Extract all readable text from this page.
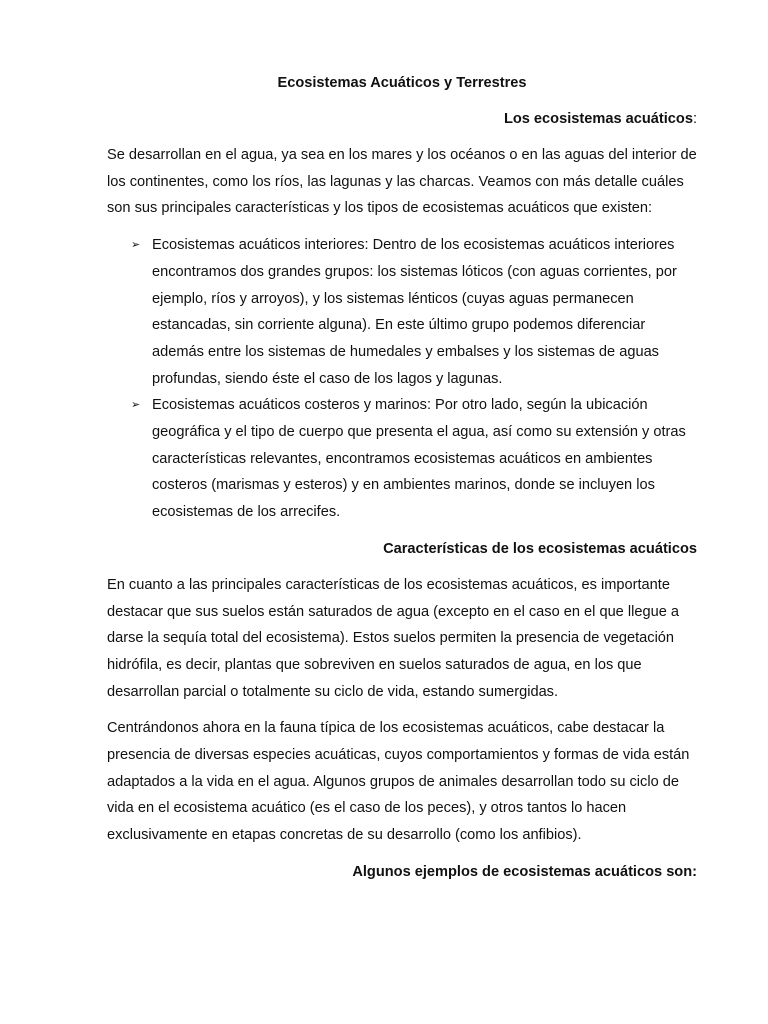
Ecosistemas Acuáticos y Terrestres
Los ecosistemas acuáticos:

Se desarrollan en el agua, ya sea en los mares y los océanos o en las aguas del interior de los continentes, como los ríos, las lagunas y las charcas. Veamos con más detalle cuáles son sus principales características y los tipos de ecosistemas acuáticos que existen:

➢ Ecosistemas acuáticos interiores: Dentro de los ecosistemas acuáticos interiores encontramos dos grandes grupos: los sistemas lóticos (con aguas corrientes, por ejemplo, ríos y arroyos), y los sistemas lénticos (cuyas aguas permanecen estancadas, sin corriente alguna). En este último grupo podemos diferenciar además entre los sistemas de humedales y embalses y los sistemas de aguas profundas, siendo éste el caso de los lagos y lagunas.
➢ Ecosistemas acuáticos costeros y marinos: Por otro lado, según la ubicación geográfica y el tipo de cuerpo que presenta el agua, así como su extensión y otras características relevantes, encontramos ecosistemas acuáticos en ambientes costeros (marismas y esteros) y en ambientes marinos, donde se incluyen los ecosistemas de los arrecifes.
Características de los ecosistemas acuáticos

En cuanto a las principales características de los ecosistemas acuáticos, es importante destacar que sus suelos están saturados de agua (excepto en el caso en el que llegue a darse la sequía total del ecosistema). Estos suelos permiten la presencia de vegetación hidrófila, es decir, plantas que sobreviven en suelos saturados de agua, en los que desarrollan parcial o totalmente su ciclo de vida, estando sumergidas.

Centrándonos ahora en la fauna típica de los ecosistemas acuáticos, cabe destacar la presencia de diversas especies acuáticas, cuyos comportamientos y formas de vida están adaptados a la vida en el agua. Algunos grupos de animales desarrollan todo su ciclo de vida en el ecosistema acuático (es el caso de los peces), y otros tantos lo hacen exclusivamente en etapas concretas de su desarrollo (como los anfibios).

Algunos ejemplos de ecosistemas acuáticos son:
